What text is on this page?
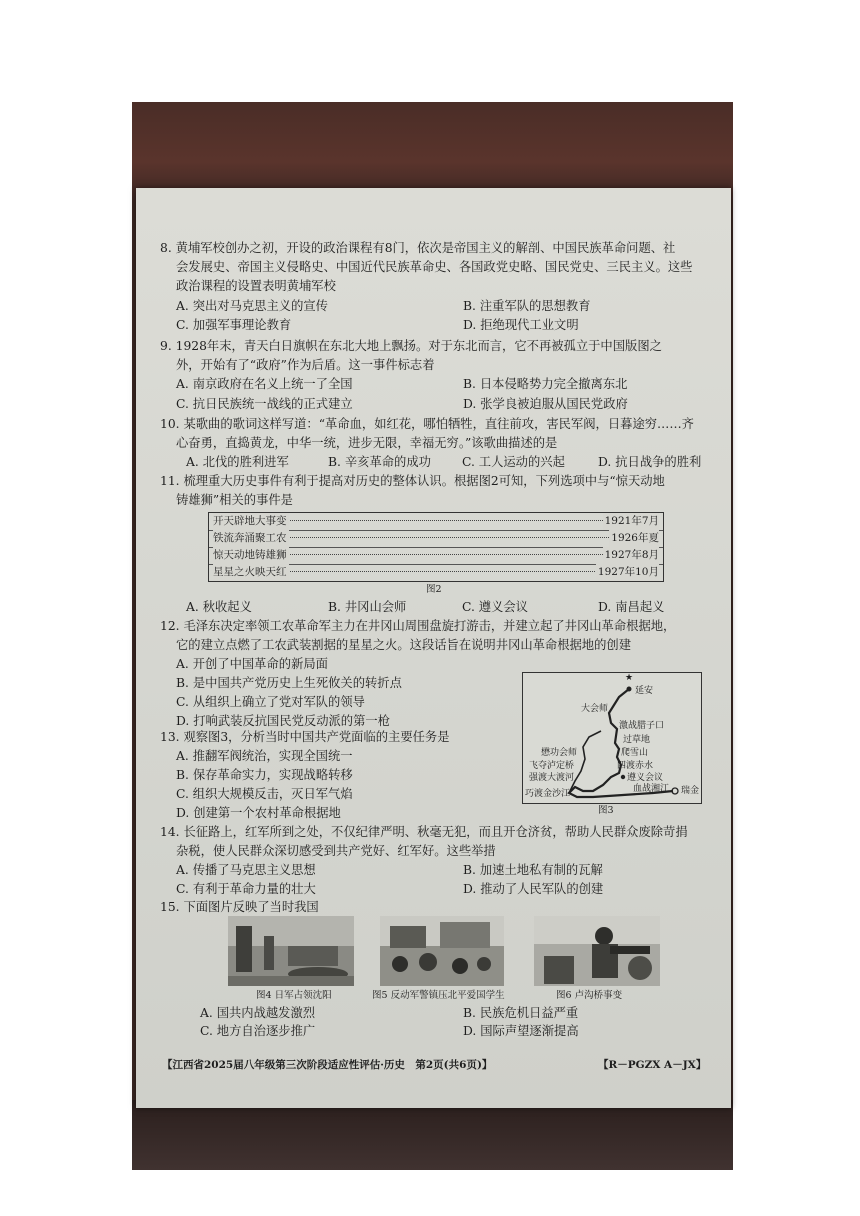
8. 黄埔军校创办之初，开设的政治课程有8门，依次是帝国主义的解剖、中国民族革命问题、社
会发展史、帝国主义侵略史、中国近代民族革命史、各国政党史略、国民党史、三民主义。这些
政治课程的设置表明黄埔军校
A. 突出对马克思主义的宣传	B. 注重军队的思想教育
C. 加强军事理论教育	D. 拒绝现代工业文明
9. 1928年末，青天白日旗帜在东北大地上飘扬。对于东北而言，它不再被孤立于中国版图之
外，开始有了“政府”作为后盾。这一事件标志着
A. 南京政府在名义上统一了全国	B. 日本侵略势力完全撤离东北
C. 抗日民族统一战线的正式建立	D. 张学良被迫服从国民党政府
10. 某歌曲的歌词这样写道：“革命血，如红花，哪怕牺牲，直往前攻，害民军阀，日暮途穷……齐
心奋勇，直捣黄龙，中华一统，进步无限，幸福无穷。”该歌曲描述的是
A. 北伐的胜利进军	B. 辛亥革命的成功	C. 工人运动的兴起	D. 抗日战争的胜利
11. 梳理重大历史事件有利于提高对历史的整体认识。根据图2可知，下列选项中与“惊天动地
铸雄狮”相关的事件是
开天辟地大事变	1921年7月
铁流奔涌聚工农	1926年夏
惊天动地铸雄狮	1927年8月
星星之火映天红	1927年10月
图2
A. 秋收起义	B. 井冈山会师	C. 遵义会议	D. 南昌起义
12. 毛泽东决定率领工农革命军主力在井冈山周围盘旋打游击，并建立起了井冈山革命根据地，
它的建立点燃了工农武装割据的星星之火。这段话旨在说明井冈山革命根据地的创建
A. 开创了中国革命的新局面
B. 是中国共产党历史上生死攸关的转折点
C. 从组织上确立了党对军队的领导
D. 打响武装反抗国民党反动派的第一枪
★
延安
大会师
激战腊子口
过草地
懋功会师	爬雪山
飞夺泸定桥	四渡赤水
强渡大渡河	遵义会议
血战湘江
巧渡金沙江	瑞金
图3
13. 观察图3，分析当时中国共产党面临的主要任务是
A. 推翻军阀统治，实现全国统一
B. 保存革命实力，实现战略转移
C. 组织大规模反击，灭日军气焰
D. 创建第一个农村革命根据地
14. 长征路上，红军所到之处，不仅纪律严明、秋毫无犯，而且开仓济贫，帮助人民群众废除苛捐
杂税，使人民群众深切感受到共产党好、红军好。这些举措
A. 传播了马克思主义思想	B. 加速土地私有制的瓦解
C. 有利于革命力量的壮大	D. 推动了人民军队的创建
15. 下面图片反映了当时我国
图4 日军占领沈阳	图5 反动军警镇压北平爱国学生	图6 卢沟桥事变
A. 国共内战越发激烈	B. 民族危机日益严重
C. 地方自治逐步推广	D. 国际声望逐渐提高
【江西省2025届八年级第三次阶段适应性评估·历史　第2页(共6页)】	【R－PGZX A－JX】
